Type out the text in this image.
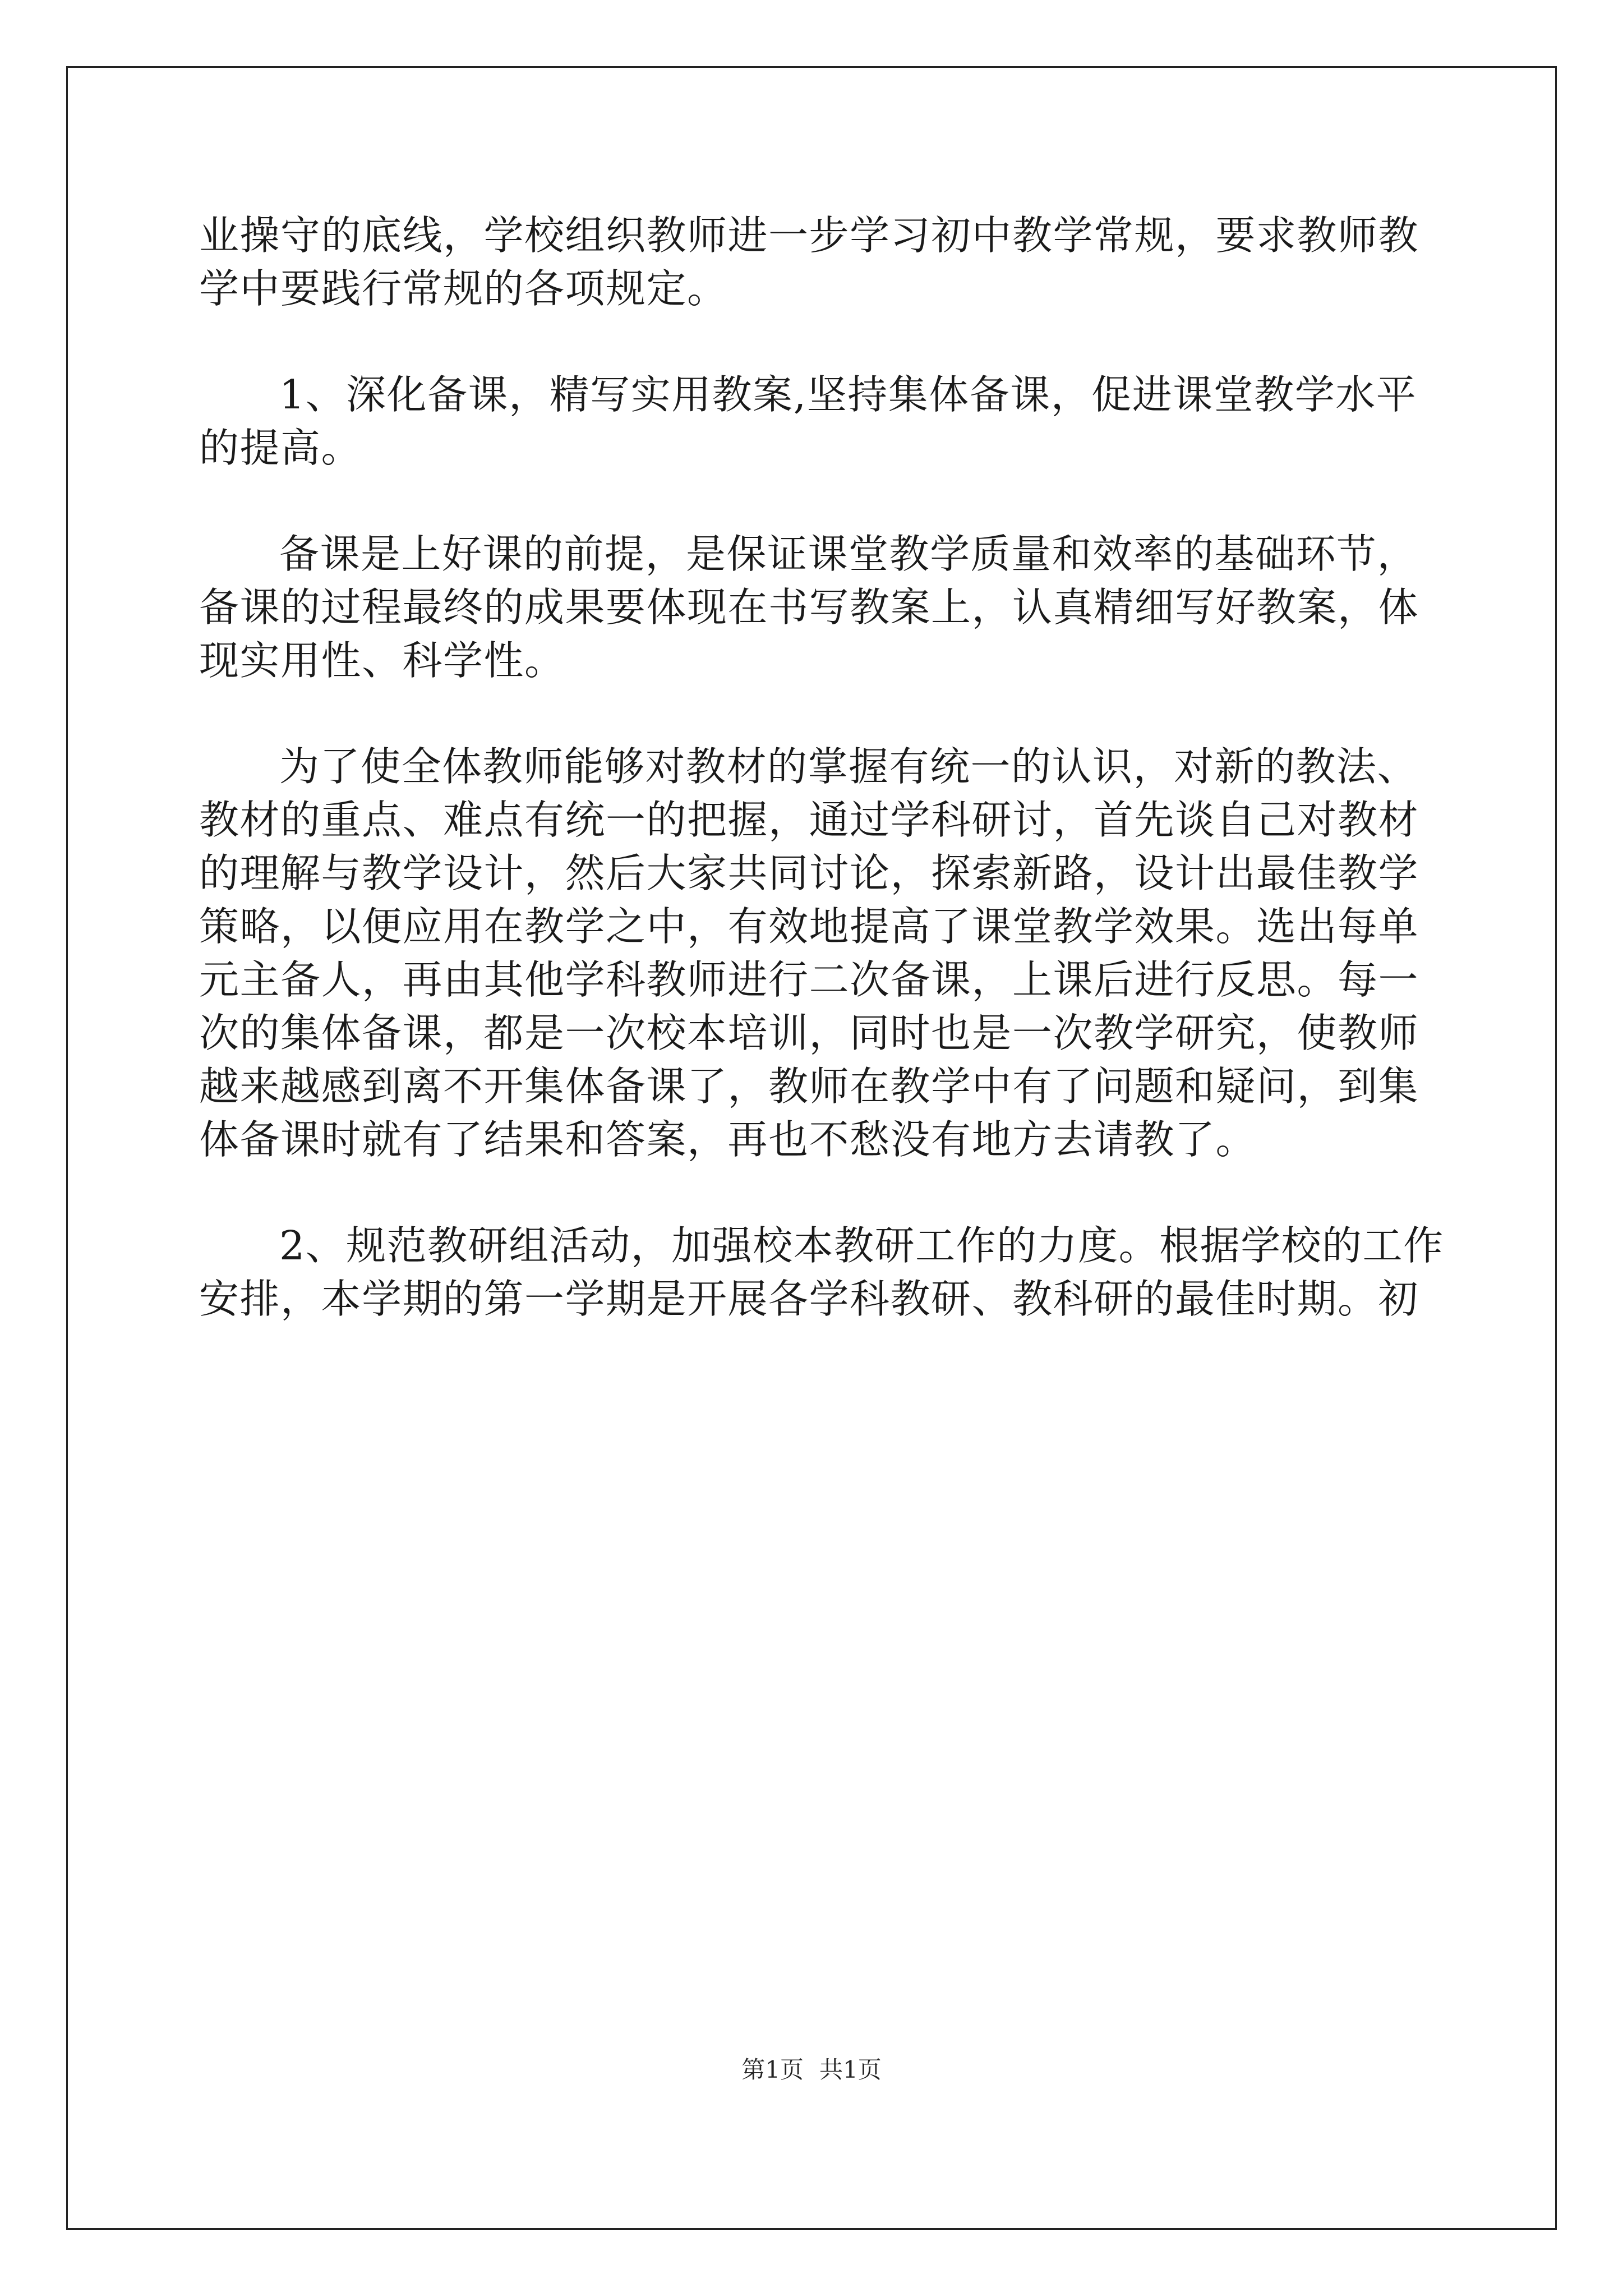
业操守的底线，学校组织教师进一步学习初中教学常规，要求教师教
学中要践行常规的各项规定。
1、深化备课，精写实用教案,坚持集体备课，促进课堂教学水平
的提高。
备课是上好课的前提，是保证课堂教学质量和效率的基础环节，
备课的过程最终的成果要体现在书写教案上，认真精细写好教案，体
现实用性、科学性。
为了使全体教师能够对教材的掌握有统一的认识，对新的教法、
教材的重点、难点有统一的把握，通过学科研讨，首先谈自己对教材
的理解与教学设计，然后大家共同讨论，探索新路，设计出最佳教学
策略，以便应用在教学之中，有效地提高了课堂教学效果。选出每单
元主备人，再由其他学科教师进行二次备课，上课后进行反思。每一
次的集体备课，都是一次校本培训，同时也是一次教学研究，使教师
越来越感到离不开集体备课了，教师在教学中有了问题和疑问，到集
体备课时就有了结果和答案，再也不愁没有地方去请教了。
2、规范教研组活动，加强校本教研工作的力度。根据学校的工作
安排，本学期的第一学期是开展各学科教研、教科研的最佳时期。初
第1页 共1页
